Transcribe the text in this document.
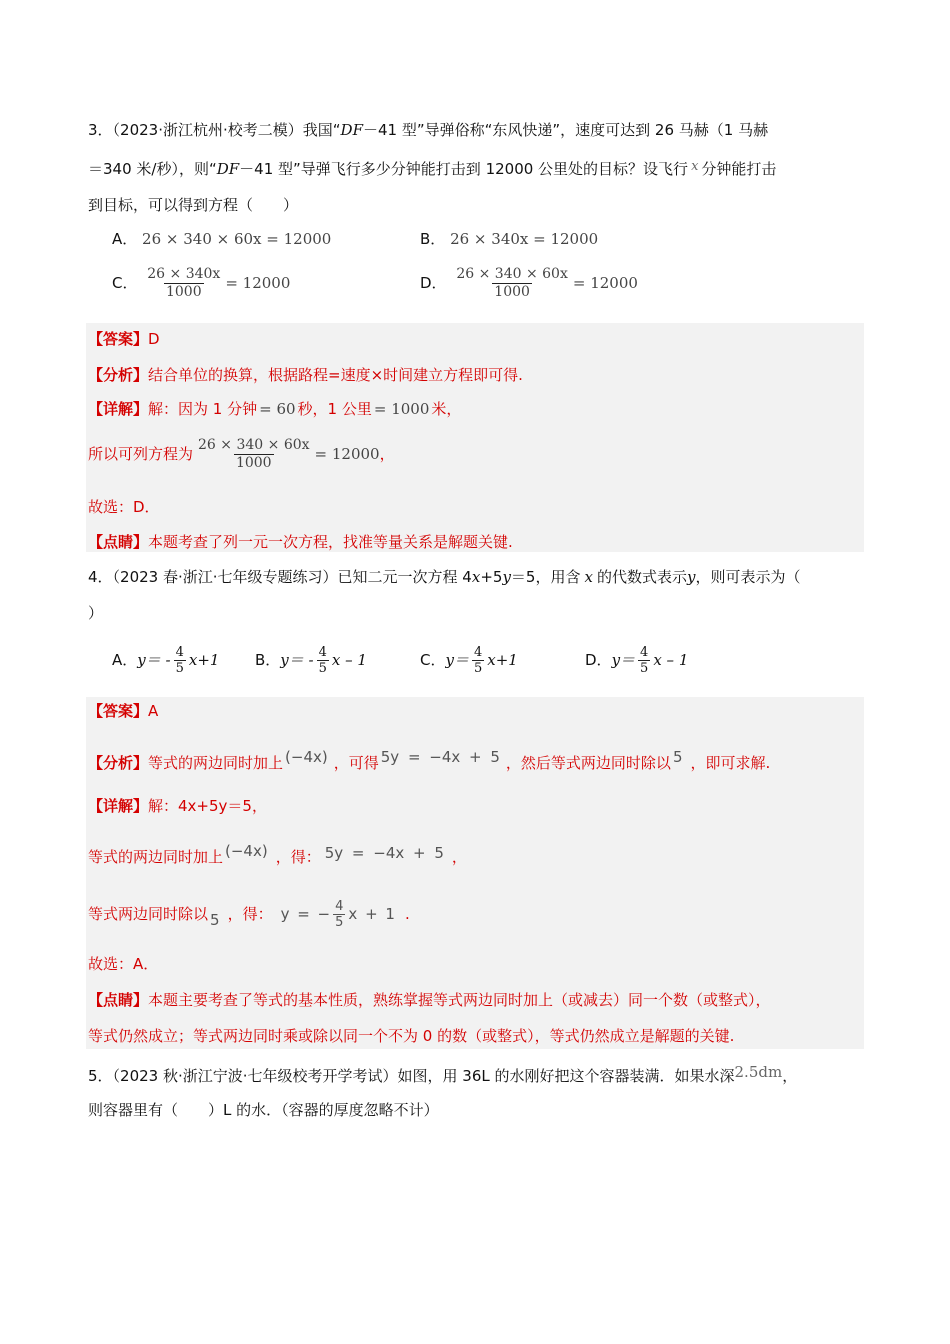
3．（2023·浙江杭州·校考二模）我国“DF－41 型”导弹俗称“东风快递”，速度可达到 26 马赫（1 马赫
＝340 米/秒），则“DF－41 型”导弹飞行多少分钟能打击到 12000 公里处的目标？设飞行 x 分钟能打击
到目标，可以得到方程（　　）
A． 26 × 340 × 60x = 12000	B． 26 × 340x = 12000
C． $\frac{26 \times 340x}{1000} = 12000$	D． $\frac{26 \times 340 \times 60x}{1000} = 12000$
【答案】D
【分析】结合单位的换算，根据路程=速度×时间建立方程即可得.
【详解】解：因为 1 分钟 = 60 秒，1 公里 = 1000 米，
所以可列方程为 $\frac{26 \times 340 \times 60x}{1000} = 12000$，
故选：D．
【点睛】本题考查了列一元一次方程，找准等量关系是解题关键.
4．（2023 春·浙江·七年级专题练习）已知二元一次方程 4x+5y＝5，用含 x 的代数式表示y，则可表示为（
）
A．$y= - \frac{4}{5} x+1$ B．$y= - \frac{4}{5}$ x – 1	C．$y= \frac{4}{5} x+1$	D．$y= \frac{4}{5}$ x – 1
【答案】A
【分析】等式的两边同时加上 (−4x) ，可得 5y = −4x + 5 ，然后等式两边同时除以 5 ，即可求解.
【详解】解：4x+5y＝5，
等式的两边同时加上 (−4x) ，得： 5y = −4x + 5 ，
等式两边同时除以 5 ，得： y = − $\frac{4}{5}$ x + 1 .
故选：A．
【点睛】本题主要考查了等式的基本性质，熟练掌握等式两边同时加上（或减去）同一个数（或整式），
等式仍然成立；等式两边同时乘或除以同一个不为 0 的数（或整式），等式仍然成立是解题的关键.
5．（2023 秋·浙江宁波·七年级校考开学考试）如图，用 36L 的水刚好把这个容器装满．如果水深2.5dm，
则容器里有（　　）L 的水．（容器的厚度忽略不计）
